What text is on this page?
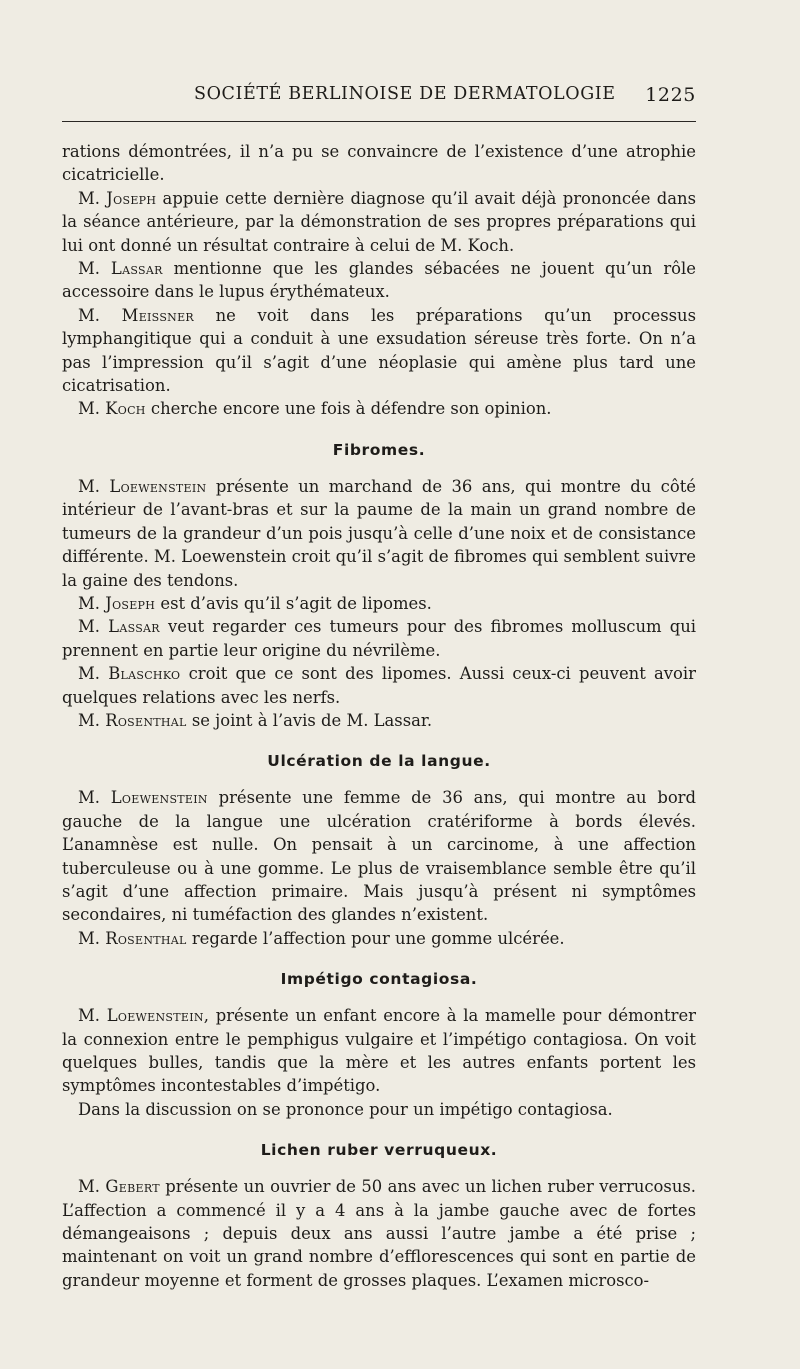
SOCIÉTÉ BERLINOISE DE DERMATOLOGIE 1225

rations démontrées, il n’a pu se convaincre de l’existence d’une atrophie cicatricielle.

M. Joseph appuie cette dernière diagnose qu’il avait déjà prononcée dans la séance antérieure, par la démonstration de ses propres préparations qui lui ont donné un résultat contraire à celui de M. Koch.

M. Lassar mentionne que les glandes sébacées ne jouent qu’un rôle accessoire dans le lupus érythémateux.

M. Meissner ne voit dans les préparations qu’un processus lymphangitique qui a conduit à une exsudation séreuse très forte. On n’a pas l’impression qu’il s’agit d’une néoplasie qui amène plus tard une cicatrisation.

M. Koch cherche encore une fois à défendre son opinion.

Fibromes.

M. Loewenstein présente un marchand de 36 ans, qui montre du côté intérieur de l’avant-bras et sur la paume de la main un grand nombre de tumeurs de la grandeur d’un pois jusqu’à celle d’une noix et de consistance différente. M. Loewenstein croit qu’il s’agit de fibromes qui semblent suivre la gaine des tendons.

M. Joseph est d’avis qu’il s’agit de lipomes.

M. Lassar veut regarder ces tumeurs pour des fibromes molluscum qui prennent en partie leur origine du névrilème.

M. Blaschko croit que ce sont des lipomes. Aussi ceux-ci peuvent avoir quelques relations avec les nerfs.

M. Rosenthal se joint à l’avis de M. Lassar.

Ulcération de la langue.

M. Loewenstein présente une femme de 36 ans, qui montre au bord gauche de la langue une ulcération cratériforme à bords élevés. L’anamnèse est nulle. On pensait à un carcinome, à une affection tuberculeuse ou à une gomme. Le plus de vraisemblance semble être qu’il s’agit d’une affection primaire. Mais jusqu’à présent ni symptômes secondaires, ni tuméfaction des glandes n’existent.

M. Rosenthal regarde l’affection pour une gomme ulcérée.

Impétigo contagiosa.

M. Loewenstein, présente un enfant encore à la mamelle pour démontrer la connexion entre le pemphigus vulgaire et l’impétigo contagiosa. On voit quelques bulles, tandis que la mère et les autres enfants portent les symptômes incontestables d’impétigo.

Dans la discussion on se prononce pour un impétigo contagiosa.

Lichen ruber verruqueux.

M. Gebert présente un ouvrier de 50 ans avec un lichen ruber verrucosus. L’affection a commencé il y a 4 ans à la jambe gauche avec de fortes démangeaisons ; depuis deux ans aussi l’autre jambe a été prise ; maintenant on voit un grand nombre d’efflorescences qui sont en partie de grandeur moyenne et forment de grosses plaques. L’examen microsco-
